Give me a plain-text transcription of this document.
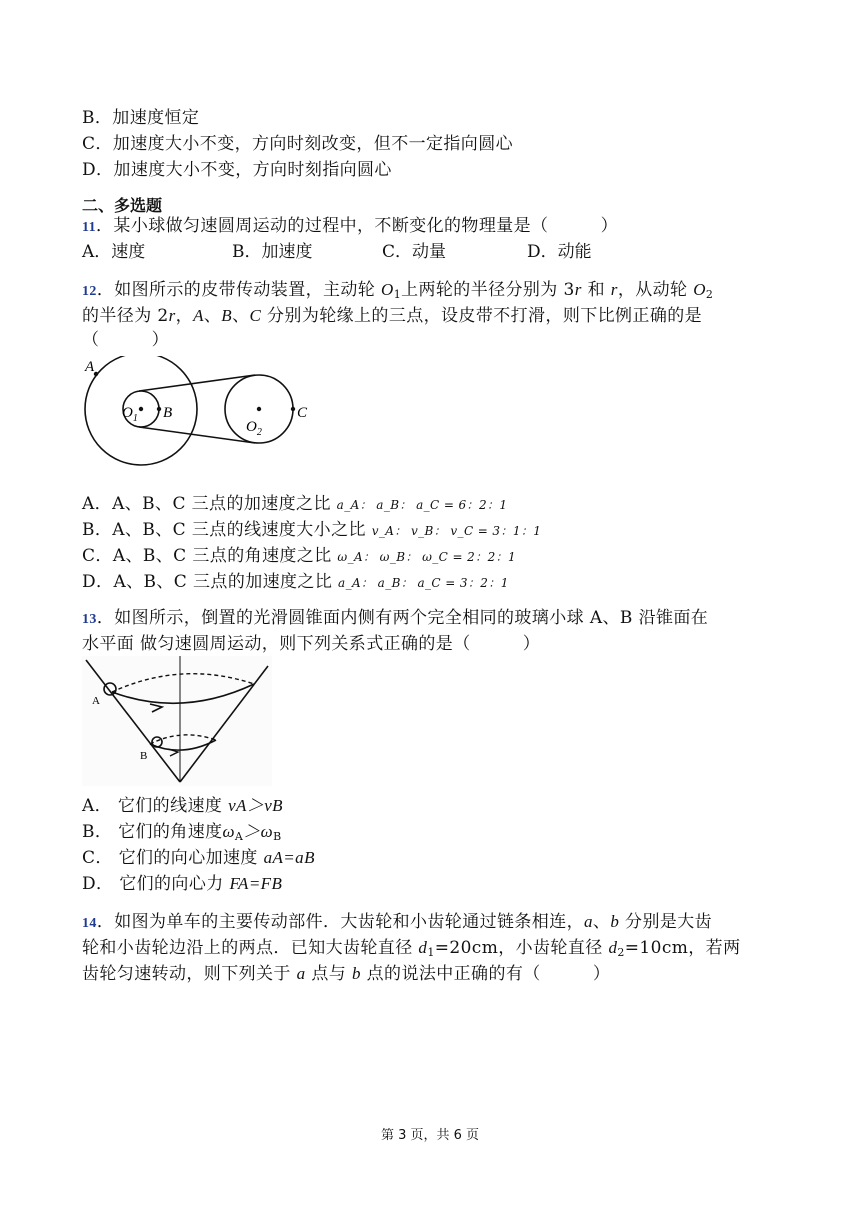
B．加速度恒定
C．加速度大小不变，方向时刻改变，但不一定指向圆心
D．加速度大小不变，方向时刻指向圆心
二、多选题
11．某小球做匀速圆周运动的过程中，不断变化的物理量是（　　　）
A．速度	B．加速度	C．动量	D．动能
12．如图所示的皮带传动装置，主动轮 $O_1$上两轮的半径分别为 3r 和 r，从动轮 $O_2$
的半径为 2r，A、B、C 分别为轮缘上的三点，设皮带不打滑，则下比例正确的是
（　　　）
A
$O_1$ B
$O_2$
C
A．A、B、C 三点的加速度之比 a_A： a_B： a_C = 6：2：1
B．A、B、C 三点的线速度大小之比 v_A： v_B： v_C = 3：1：1
C．A、B、C 三点的角速度之比 ω_A： ω_B： ω_C = 2：2：1
D．A、B、C 三点的加速度之比 a_A： a_B： a_C = 3：2：1
13．如图所示，倒置的光滑圆锥面内侧有两个完全相同的玻璃小球 A、B 沿锥面在
水平面 做匀速圆周运动，则下列关系式正确的是（　　　）
A
B
A． 它们的线速度 vA＞vB
B． 它们的角速度$\omega_A>\omega_B$
C． 它们的向心加速度 aA=aB
D． 它们的向心力 FA=FB
14．如图为单车的主要传动部件．大齿轮和小齿轮通过链条相连，a、b 分别是大齿
轮和小齿轮边沿上的两点．已知大齿轮直径 $d_1=20cm$，小齿轮直径 $d_2=10cm$，若两
齿轮匀速转动，则下列关于 a 点与 b 点的说法中正确的有（　　　）
第 3 页，共 6 页
